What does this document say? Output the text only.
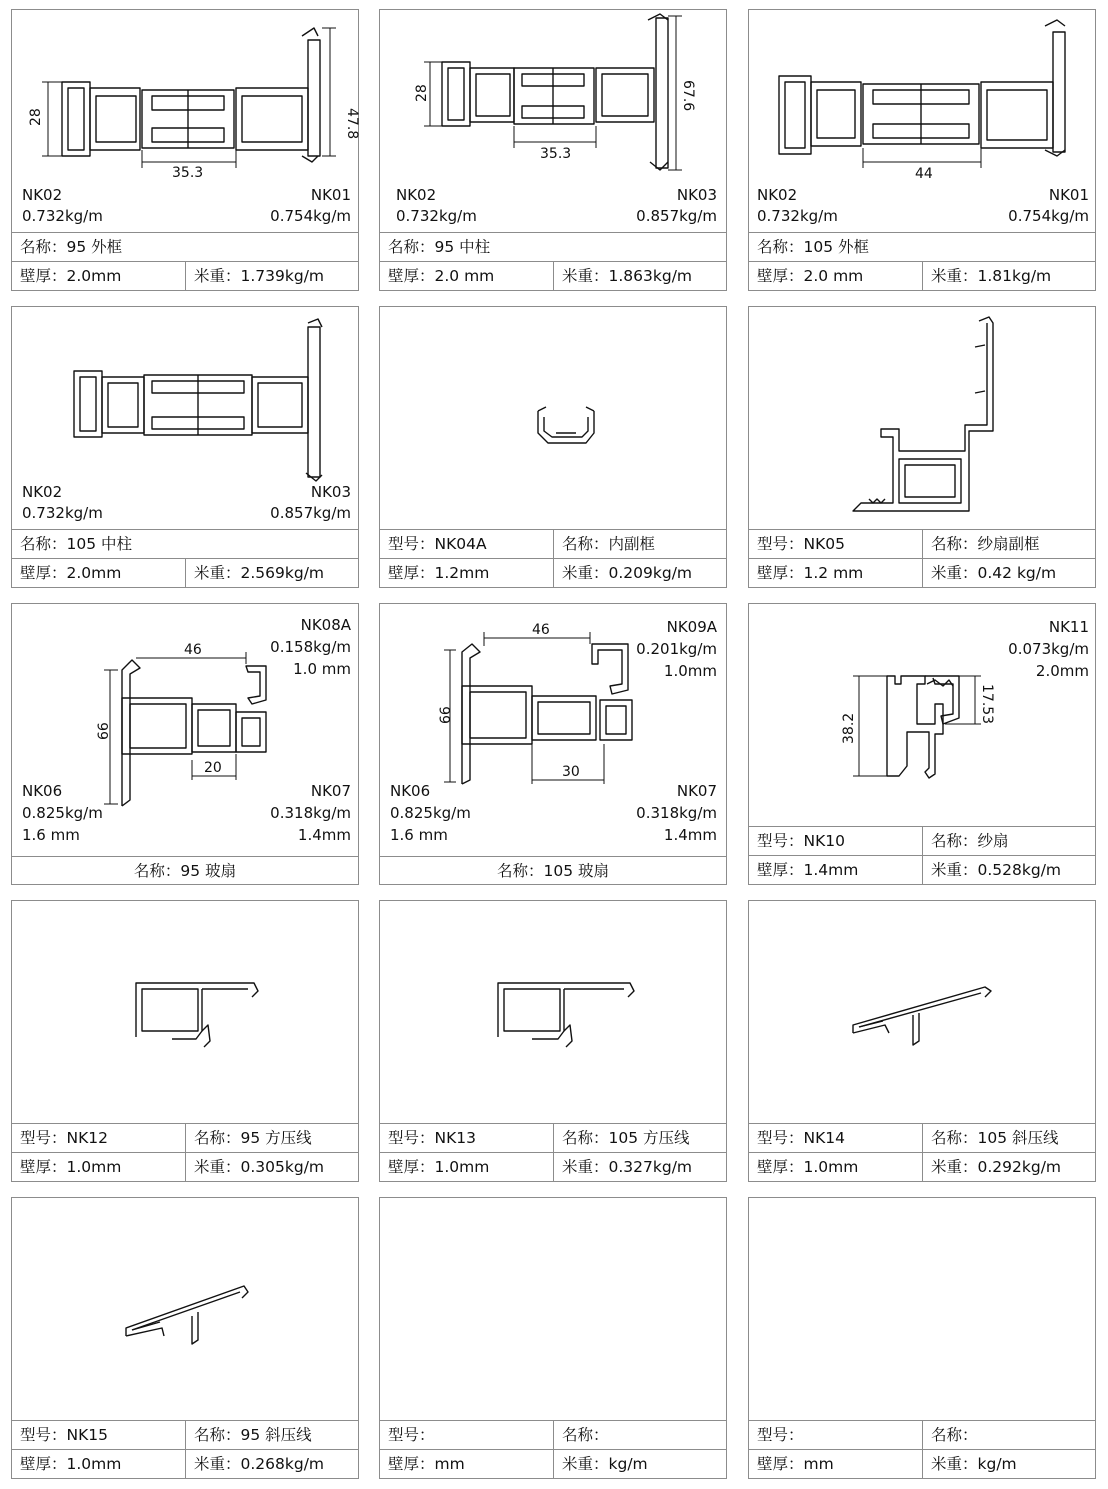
28
35.3
47.8
NK02
0.732kg/m
NK01
0.754kg/m
名称：95 外框
壁厚：2.0mm	米重：1.739kg/m
28
35.3
67.6
NK02
0.732kg/m
NK03
0.857kg/m
名称：95 中柱
壁厚：2.0 mm	米重：1.863kg/m
44
NK02
0.732kg/m
NK01
0.754kg/m
名称：105 外框
壁厚：2.0 mm	米重：1.81kg/m
NK02
0.732kg/m
NK03
0.857kg/m
名称：105 中柱
壁厚：2.0mm	米重：2.569kg/m
型号：NK04A	名称：内副框
壁厚：1.2mm	米重：0.209kg/m
型号：NK05	名称：纱扇副框
壁厚：1.2 mm	米重：0.42 kg/m
46
66
20
NK08A
0.158kg/m
1.0 mm
NK06
0.825kg/m
1.6 mm
NK07
0.318kg/m
1.4mm
名称：95 玻扇
46
66
30
NK09A
0.201kg/m
1.0mm
NK06
0.825kg/m
1.6 mm
NK07
0.318kg/m
1.4mm
名称：105 玻扇
38.2
17.53
NK11
0.073kg/m
2.0mm
型号：NK10	名称：纱扇
壁厚：1.4mm	米重：0.528kg/m
型号：NK12	名称：95 方压线
壁厚：1.0mm	米重：0.305kg/m
型号：NK13	名称：105 方压线
壁厚：1.0mm	米重：0.327kg/m
型号：NK14	名称：105 斜压线
壁厚：1.0mm	米重：0.292kg/m
型号：NK15	名称：95 斜压线
壁厚：1.0mm	米重：0.268kg/m
型号：	名称：
壁厚：mm	米重：kg/m
型号：	名称：
壁厚：mm	米重：kg/m
